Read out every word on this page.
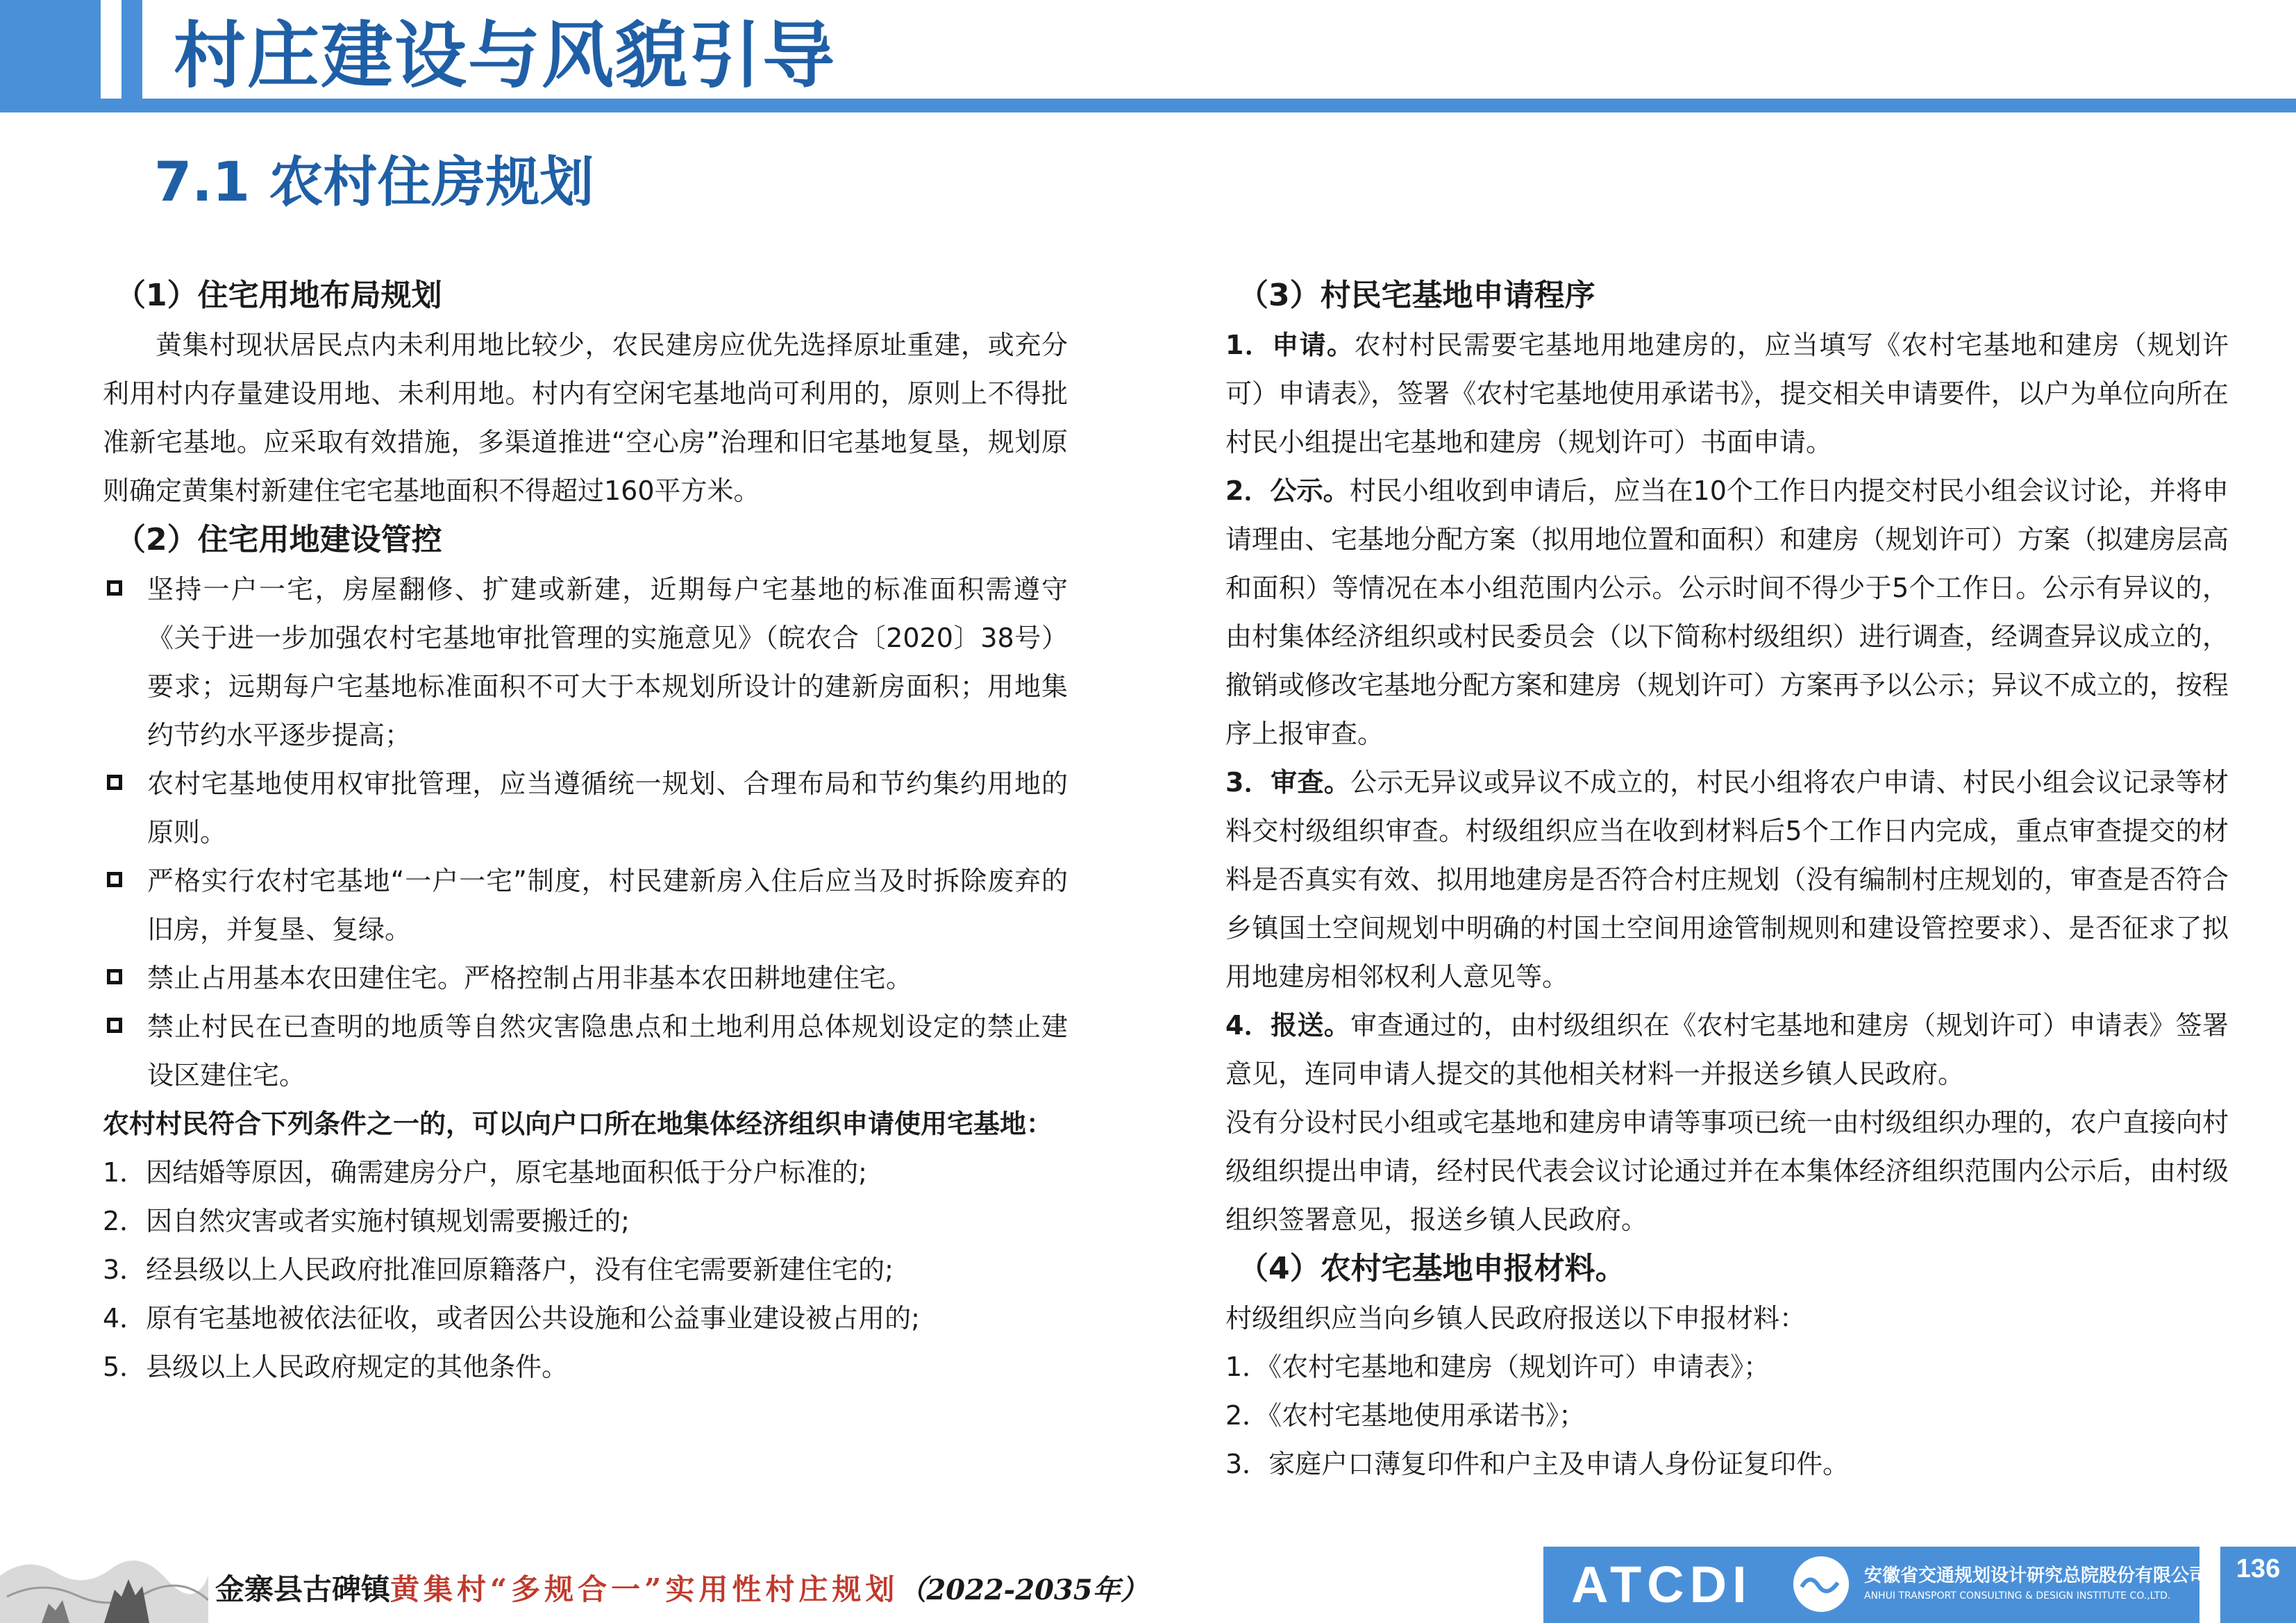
村庄建设与风貌引导
7.1 农村住房规划
（1）住宅用地布局规划
黄集村现状居民点内未利用地比较少，农民建房应优先选择原址重建，或充分利用村内存量建设用地、未利用地。村内有空闲宅基地尚可利用的，原则上不得批准新宅基地。应采取有效措施，多渠道推进“空心房”治理和旧宅基地复垦，规划原则确定黄集村新建住宅宅基地面积不得超过160平方米。
（2）住宅用地建设管控
坚持一户一宅，房屋翻修、扩建或新建，近期每户宅基地的标准面积需遵守《关于进一步加强农村宅基地审批管理的实施意见》（皖农合〔2020〕38号）要求；远期每户宅基地标准面积不可大于本规划所设计的建新房面积；用地集约节约水平逐步提高；
农村宅基地使用权审批管理，应当遵循统一规划、合理布局和节约集约用地的原则。
严格实行农村宅基地“一户一宅”制度，村民建新房入住后应当及时拆除废弃的旧房，并复垦、复绿。
禁止占用基本农田建住宅。严格控制占用非基本农田耕地建住宅。
禁止村民在已查明的地质等自然灾害隐患点和土地利用总体规划设定的禁止建设区建住宅。
农村村民符合下列条件之一的，可以向户口所在地集体经济组织申请使用宅基地：
1．因结婚等原因，确需建房分户，原宅基地面积低于分户标准的;
2．因自然灾害或者实施村镇规划需要搬迁的;
3．经县级以上人民政府批准回原籍落户，没有住宅需要新建住宅的;
4．原有宅基地被依法征收，或者因公共设施和公益事业建设被占用的;
5．县级以上人民政府规定的其他条件。
（3）村民宅基地申请程序
1．申请。农村村民需要宅基地用地建房的，应当填写《农村宅基地和建房（规划许可）申请表》，签署《农村宅基地使用承诺书》，提交相关申请要件，以户为单位向所在村民小组提出宅基地和建房（规划许可）书面申请。
2．公示。村民小组收到申请后，应当在10个工作日内提交村民小组会议讨论，并将申请理由、宅基地分配方案（拟用地位置和面积）和建房（规划许可）方案（拟建房层高和面积）等情况在本小组范围内公示。公示时间不得少于5个工作日。公示有异议的，由村集体经济组织或村民委员会（以下简称村级组织）进行调查，经调查异议成立的，撤销或修改宅基地分配方案和建房（规划许可）方案再予以公示；异议不成立的，按程序上报审查。
3．审查。公示无异议或异议不成立的，村民小组将农户申请、村民小组会议记录等材料交村级组织审查。村级组织应当在收到材料后5个工作日内完成，重点审查提交的材料是否真实有效、拟用地建房是否符合村庄规划（没有编制村庄规划的，审查是否符合乡镇国土空间规划中明确的村国土空间用途管制规则和建设管控要求）、是否征求了拟用地建房相邻权利人意见等。
4．报送。审查通过的，由村级组织在《农村宅基地和建房（规划许可）申请表》签署意见，连同申请人提交的其他相关材料一并报送乡镇人民政府。
没有分设村民小组或宅基地和建房申请等事项已统一由村级组织办理的，农户直接向村级组织提出申请，经村民代表会议讨论通过并在本集体经济组织范围内公示后，由村级组织签署意见，报送乡镇人民政府。
（4）农村宅基地申报材料。
村级组织应当向乡镇人民政府报送以下申报材料：
1．《农村宅基地和建房（规划许可）申请表》；
2．《农村宅基地使用承诺书》；
3．家庭户口薄复印件和户主及申请人身份证复印件。
金寨县古碑镇黄集村“多规合一”实用性村庄规划（2022-2035年）	ATCDI	安徽省交通规划设计研究总院股份有限公司
ANHUI TRANSPORT CONSULTING & DESIGN INSTITUTE CO.,LTD.
136
